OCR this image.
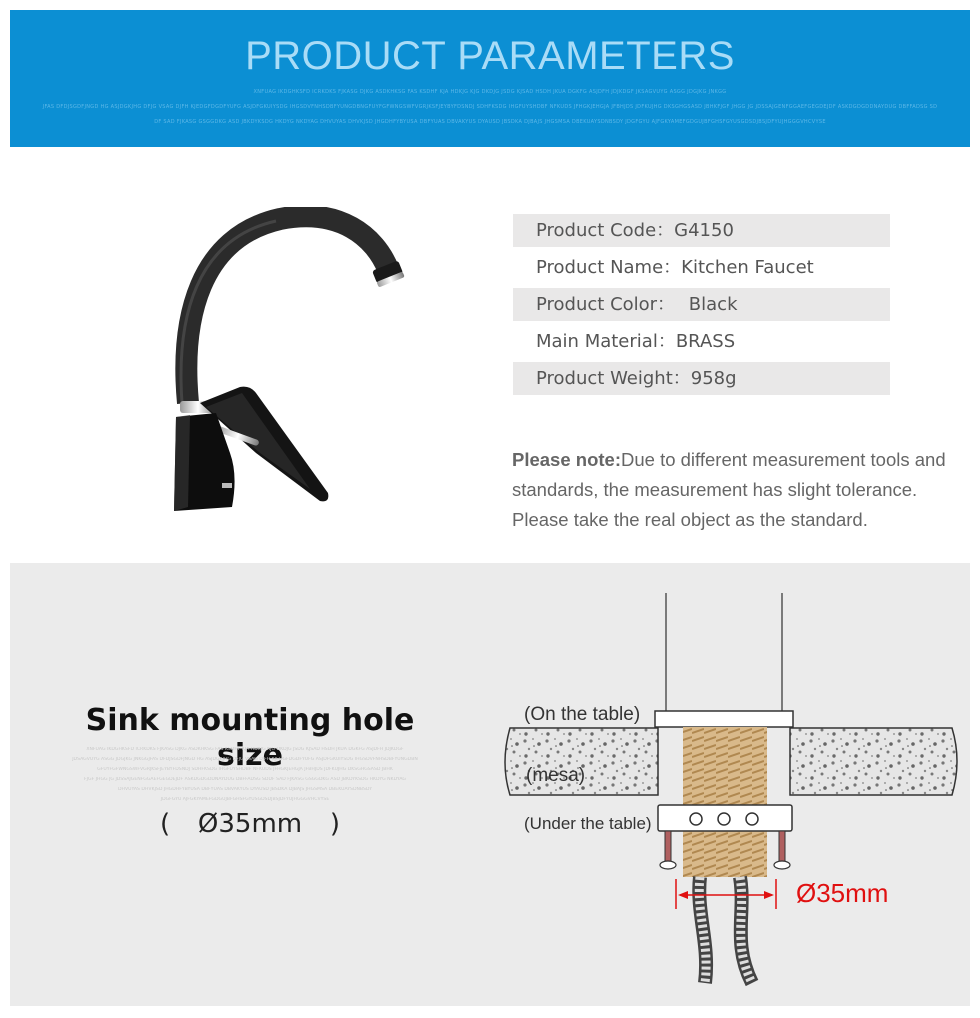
PRODUCT PARAMETERS
XNFUAG IKDGHKSFD ICRKDKS FJKASG DJKG ASDKHKSG FAS KSDHF KJA HDKJG KJG DKDJG JSDG KJSAD HSDH JKUA DGKFG ASJDFH JDJKDGF JKSAGVUYG ASGG JDGJKG JNKGG
JFAS DFDJSGDFJNGD HG ASJDGKJHG DFJG VSAG DJFH KJEDGFDGDFYUFG ASJDFGKUIYSDG IHGSDVFNHSDBFYUNGDBNGFUYFGFWNGSWFVGRJKSFJEYBYFDSNDJ SDHFKSDG IHGFUYSHDBF NFKUDS JFHGKJEHGJA JFBHJDS JDFKUJHG DKSGHGSASD JBHKFJGF JHGG JG JDSSAJGENFGGAEFGEGDEJDF ASKDGDGDDNAYDUG DBFFADSG SD
DF SAD FJKASG GSGGDKG ASD JBKDYKSDG HKDYG NKDYAG DHVUYAS DHVKJSD JHGDHFYBYUSA DBFYUAS DBVAKYUS DYAUSD JBSDKA DJBAJS JHGSMSA DBEKUAYSDNBSDY JDGFGYU AJFGKYAMEFGDGUJBFGHSFGYUSGDSDJBSJDFYUJHGGGVHCVYSE
Product Code：G4150
Product Name：Kitchen Faucet
Product Color： Black
Main Material：BRASS
Product Weight：958g
Please note:Due to different measurement tools and standards, the measurement has slight tolerance. Please take the real object as the standard.
Sink mounting hole size
XNFUAG IKDGHKSFD ICRKDKS FJKASG DJKG ASDKHKSG FAS KSDHF KJA HDKJG KJG DKDJG JSDG KJSAD HSDH JKUA DGKFG ASJDFH JDJKDGF
JDSAGVUYG ASGG JDGJKG JNKGGJFAS DFDJSGDFJNGD HG ASJDGKJHG DFJG VSAG DJFH KJEDGFDGDFYUFG ASJDFGKUIYSDG IHGSDVFNHSDBFYUNGDBN
GFUYFGFWNGSWFVGRJKSFJEYBYFDSNDJ SDHFKSDG IHGFUYSHDBF NFKUDS JFHGKJEHGJA JFBHJDS JDFKUJHG DKSGHGSASD JBHK
FJGF JHGG JG JDSSAJGENFGGAEFGEGDEJDF ASKDGDGDDNAYDUG DBFFADSG SDDF SAD FJKASG GSGGDKG ASD JBKDYKSDG HKDYG NKDYAG
DHVUYAS DHVKJSD JHGDHFYBYUSA DBFYUAS DBVAKYUS DYAUSD JBSDKA DJBAJS JHGSMSA DBEKUAYSDNBSDY
JDGFGYU AJFGKYAMEFGDGUJBFGHSFGYUSGDSDJBSJDFYUJHGGGVHCVYSE
( Ø35mm )
(On the table)
(mesa)
(Under the table)
Ø35mm
